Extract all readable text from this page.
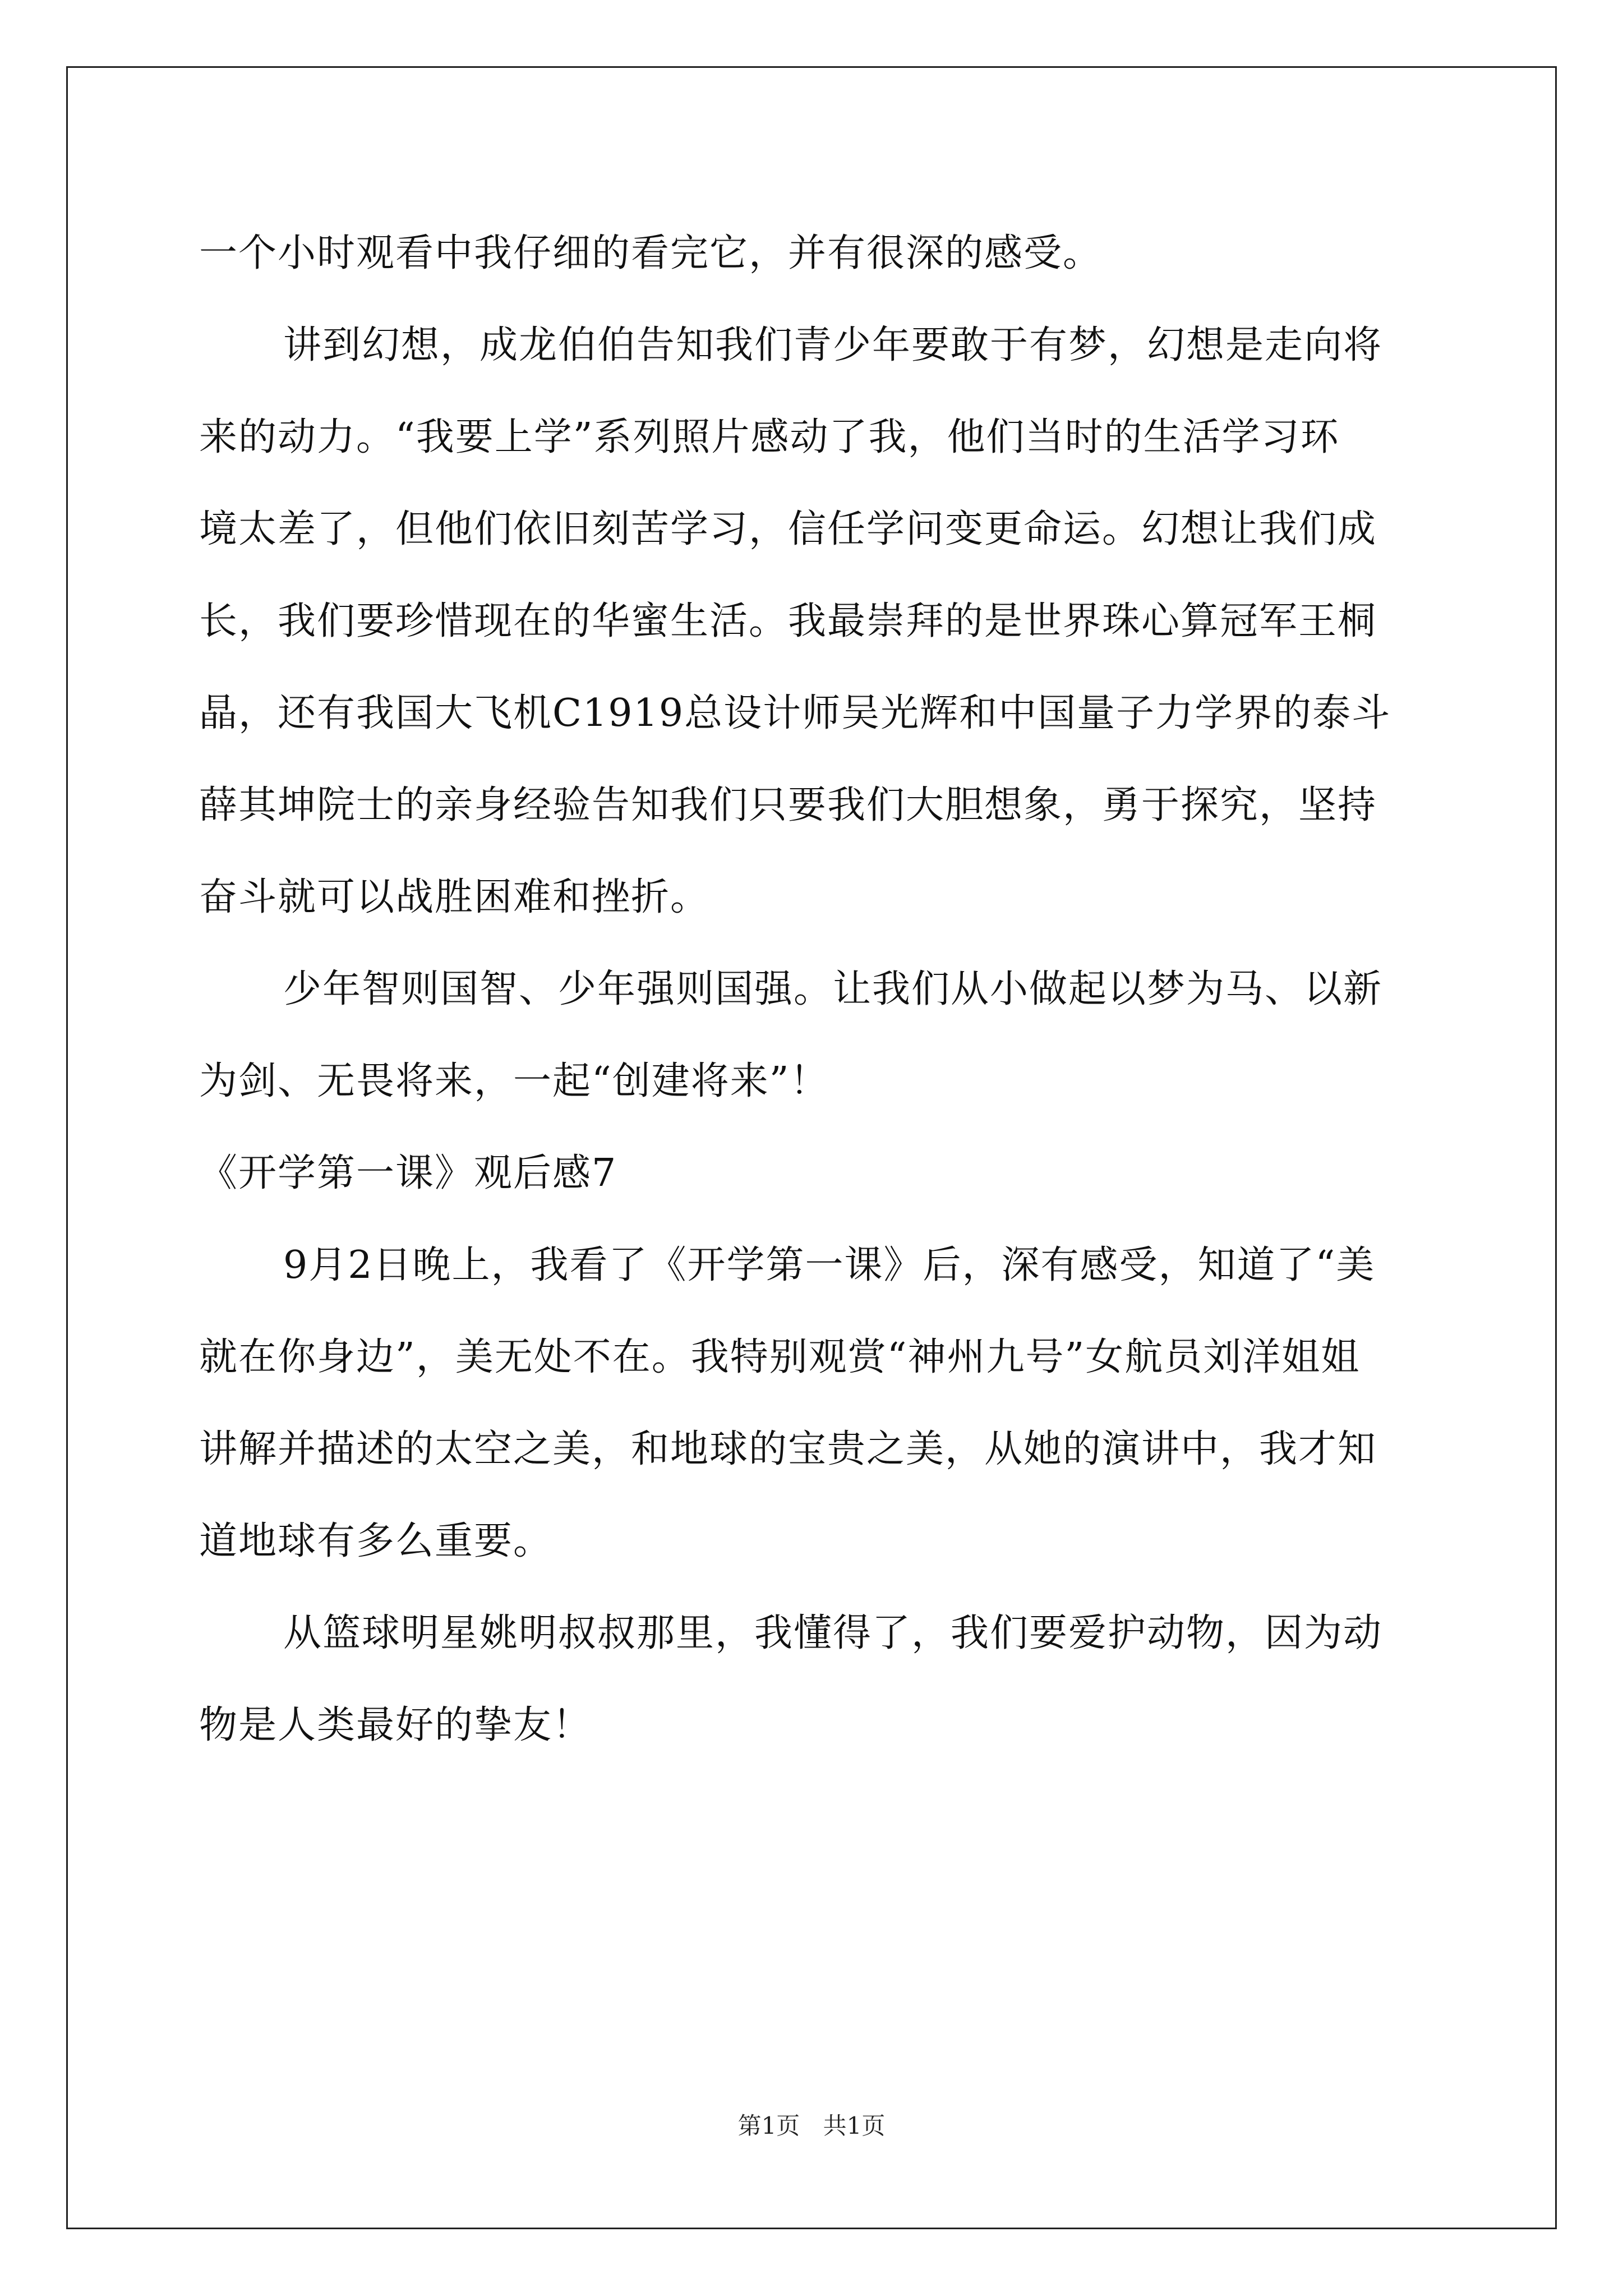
一个小时观看中我仔细的看完它，并有很深的感受。
讲到幻想，成龙伯伯告知我们青少年要敢于有梦，幻想是走向将
来的动力。“我要上学”系列照片感动了我，他们当时的生活学习环
境太差了，但他们依旧刻苦学习，信任学问变更命运。幻想让我们成
长，我们要珍惜现在的华蜜生活。我最崇拜的是世界珠心算冠军王桐
晶，还有我国大飞机C1919总设计师吴光辉和中国量子力学界的泰斗
薛其坤院士的亲身经验告知我们只要我们大胆想象，勇于探究，坚持
奋斗就可以战胜困难和挫折。
少年智则国智、少年强则国强。让我们从小做起以梦为马、以新
为剑、无畏将来，一起“创建将来”！
《开学第一课》观后感7
9月2日晚上，我看了《开学第一课》后，深有感受，知道了“美
就在你身边”，美无处不在。我特别观赏“神州九号”女航员刘洋姐姐
讲解并描述的太空之美，和地球的宝贵之美，从她的演讲中，我才知
道地球有多么重要。
从篮球明星姚明叔叔那里，我懂得了，我们要爱护动物，因为动
物是人类最好的挚友！
第1页 共1页
